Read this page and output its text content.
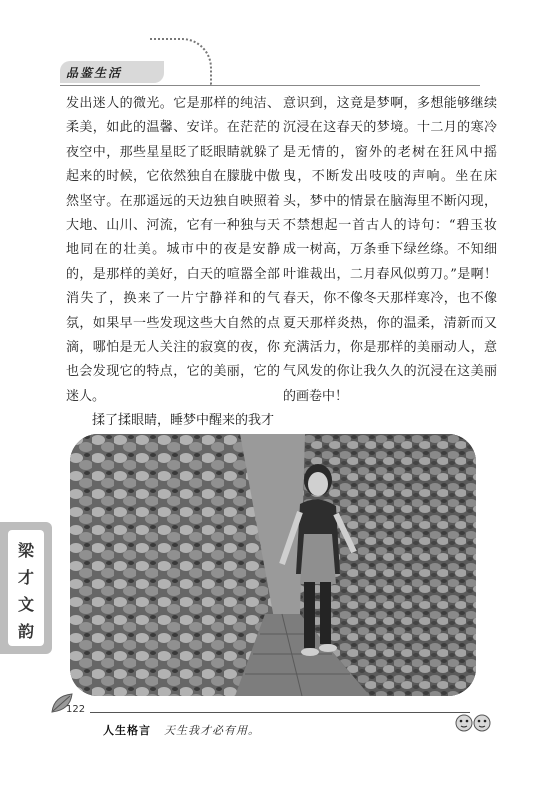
品鉴生活

发出迷人的微光。它是那样的纯洁、柔美，如此的温馨、安详。在茫茫的夜空中，那些星星眨了眨眼睛就躲了起来的时候，它依然独自在朦胧中傲然坚守。在那遥远的天边独自映照着大地、山川、河流，它有一种独与天地同在的壮美。城市中的夜是安静的，是那样的美好，白天的喧嚣全部消失了，换来了一片宁静祥和的气氛，如果早一些发现这些大自然的点滴，哪怕是无人关注的寂寞的夜，你也会发现它的特点，它的美丽，它的迷人。

揉了揉眼睛，睡梦中醒来的我才

意识到，这竟是梦啊，多想能够继续沉浸在这春天的梦境。十二月的寒冷是无情的，窗外的老树在狂风中摇曳，不断发出吱吱的声响。坐在床头，梦中的情景在脑海里不断闪现，不禁想起一首古人的诗句：“碧玉妆成一树高，万条垂下绿丝绦。不知细叶谁裁出，二月春风似剪刀。”是啊！春天，你不像冬天那样寒冷，也不像夏天那样炎热，你的温柔，清新而又充满活力，你是那样的美丽动人，意气风发的你让我久久的沉浸在这美丽的画卷中！

梁
才
文
韵
122
人生格言 天生我才必有用。
